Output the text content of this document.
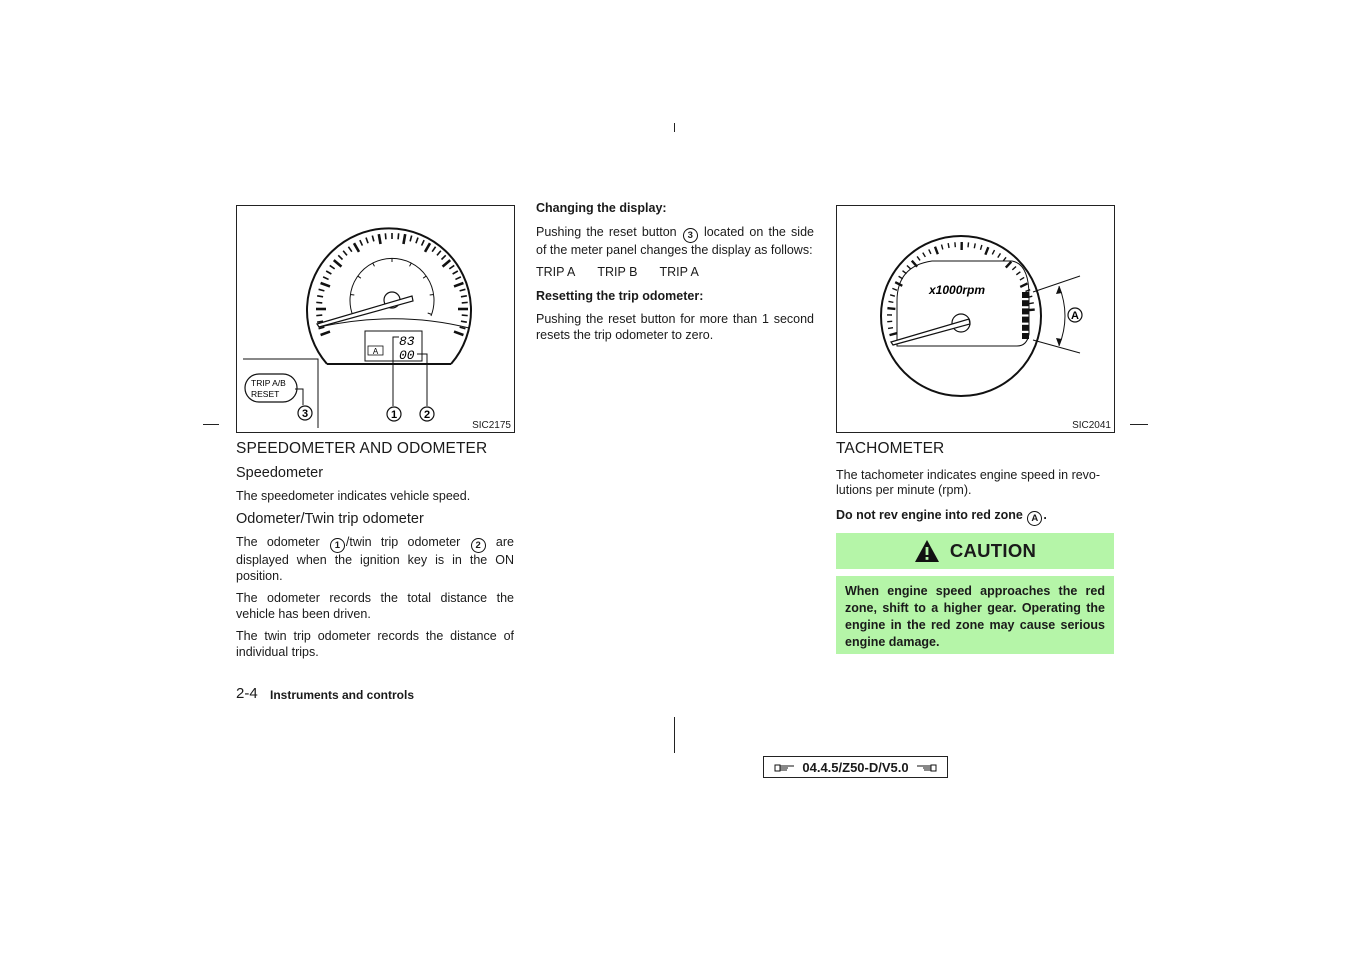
A
83
00
1 2
TRIP A/B
RESET
3
SIC2175
x1000rpm
A
SIC2041

SPEEDOMETER AND ODOMETER

Speedometer

The speedometer indicates vehicle speed.

Odometer/Twin trip odometer

The odometer 1 /twin trip odometer 2 are displayed when the ignition key is in the ON position.

The odometer records the total distance the vehicle has been driven.

The twin trip odometer records the distance of individual trips.

Changing the display:

Pushing the reset button 3 located on the side of the meter panel changes the display as follows:

TRIP A TRIP B TRIP A

Resetting the trip odometer:

Pushing the reset button for more than 1 second resets the trip odometer to zero.

TACHOMETER

The tachometer indicates engine speed in revo-lutions per minute (rpm).

Do not rev engine into red zone A .

CAUTION
When engine speed approaches the red zone, shift to a higher gear. Operating the engine in the red zone may cause serious engine damage.
2-4 Instruments and controls
04.4.5/Z50-D/V5.0
